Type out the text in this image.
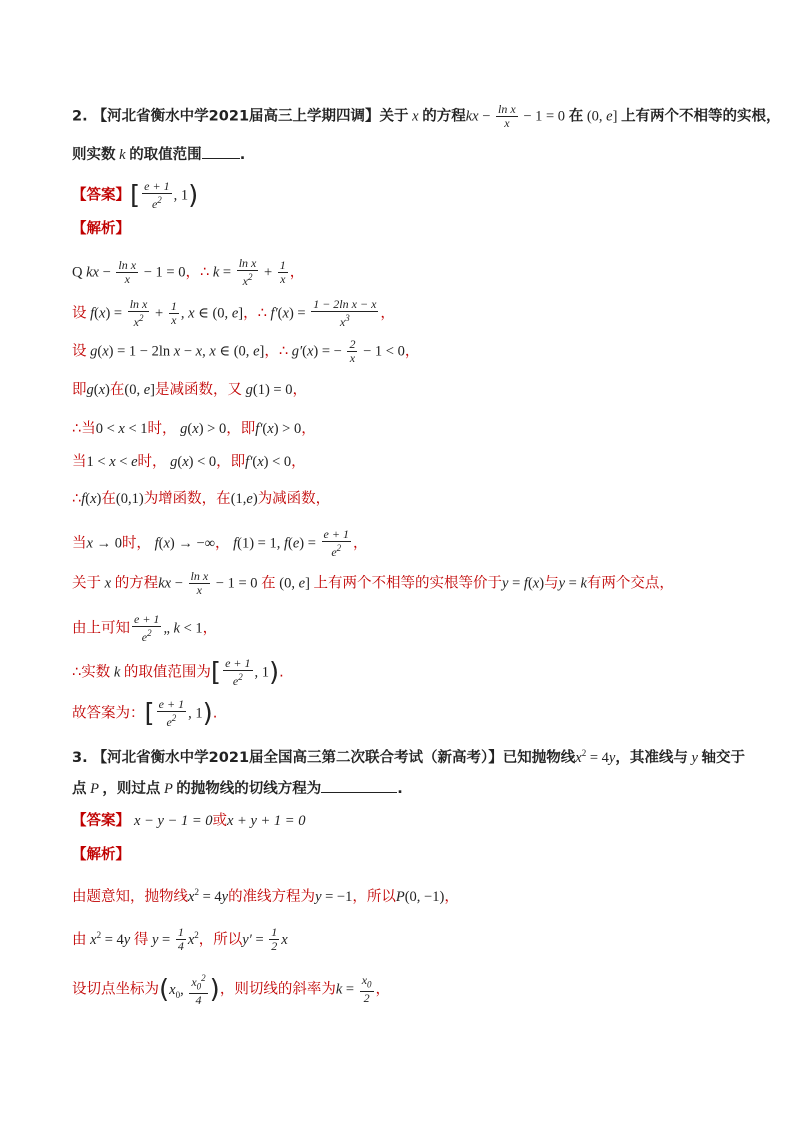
2. 【河北省衡水中学2021届高三上学期四调】关于 x 的方程kx − $\frac{\text{ln x}}{x} - 1 = 0$ 在 (0, e] 上有两个不相等的实根，
则实数 k 的取值范围	.
【答案】[ $\frac{e + 1}{e^2}$ , 1)
【解析】
Q kx − $\frac{\text{ln x}}{x} - 1 = 0$，∴ $k = \frac{\text{ln x}}{x^2} + \frac{1}{x}$ ，
设 $f(x) = \frac{\text{ln x}}{x^2} + \frac{1}{x}$ , x ∈ (0, e]，∴ $f'(x) = \frac{\text{1 − 2ln x − x}}{x^3}$ ，
设 g(x) = 1 − 2ln x − x, x ∈ (0, e]，∴ g′(x) = − $\frac{2}{x} - 1 < 0$，
即g(x)在(0, e]是减函数，又 g(1) = 0，
∴当0 < x < 1时， g(x) > 0，即f′(x) > 0，
当1 < x < e时， g(x) < 0，即f′(x) < 0，
∴f(x)在(0,1)为增函数，在(1,e)为减函数，
当x → 0时， f(x) → −∞， f(1) = 1, $f(e) = \frac{e + 1}{e^2}$ ，
关于 x 的方程kx − $\frac{\text{ln x}}{x} - 1 = 0$ 在 (0, e] 上有两个不相等的实根等价于y = f(x)与y = k有两个交点，
由上可知 $\frac{e + 1}{e^2}$ „ k < 1，
∴实数 k 的取值范围为[ $\frac{e + 1}{e^2}$ , 1).
故答案为：[ $\frac{e + 1}{e^2}$ , 1).
3. 【河北省衡水中学2021届全国高三第二次联合考试（新高考）】已知抛物线$x^2 = 4y$，其准线与 y 轴交于
点 P ，则过点 P 的抛物线的切线方程为	.
【答案】 x − y − 1 = 0或x + y + 1 = 0
【解析】
由题意知，抛物线$x^2 = 4y$的准线方程为y = −1，所以P(0, −1)，
由 $x^2 = 4y$ 得 $y = \frac{1}{4} x^2$，所以$y' = \frac{1}{2}$ x
设切点坐标为($x_0$, $\frac{x_0^2}{4}$ )，则切线的斜率为$k = \frac{x_0}{2}$ ，
